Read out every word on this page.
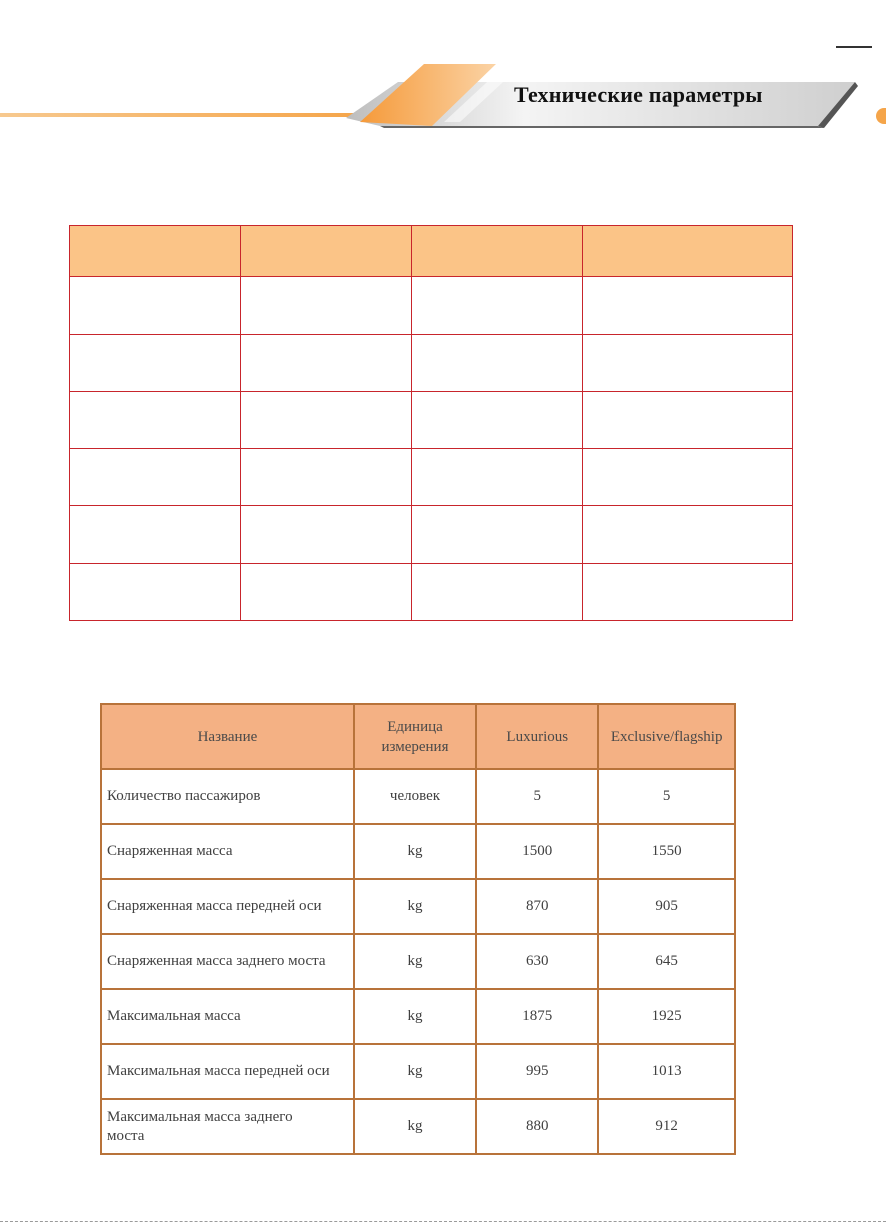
Технические параметры

Название	Единица измерения	Luxurious	Exclusive/flagship
Количество пассажиров	человек	5	5
Снаряженная масса	kg	1500	1550
Снаряженная масса передней оси	kg	870	905
Снаряженная масса заднего моста	kg	630	645
Максимальная масса	kg	1875	1925

Максимальная масса передней оси	kg	995	1013

Максимальная масса заднего моста	kg	880	912
